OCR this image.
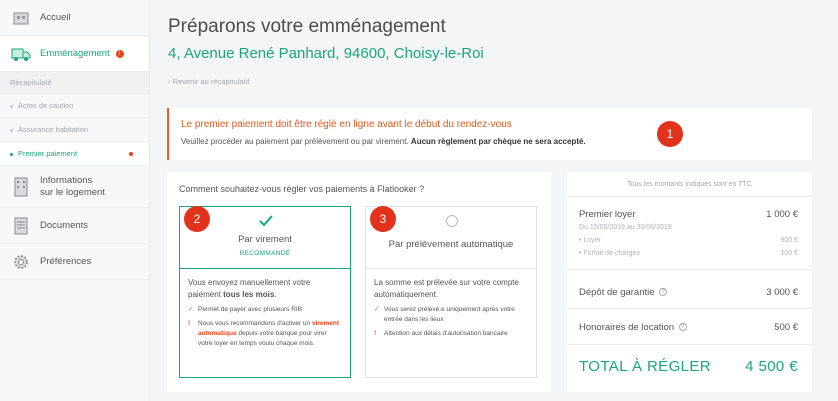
Accueil
Emménagement	!
Récapitulatif
Actes de caution
Assurance habitation
Premier paiement
Informations
sur le logement
Documents
Préférences
Préparons votre emménagement
4, Avenue René Panhard, 94600, Choisy-le-Roi
‹ Revenir au récapitulatif
Le premier paiement doit être réglé en ligne avant le début du rendez-vous
Veuillez procéder au paiement par prélèvement ou par virement. Aucun règlement par chèque ne sera accepté.
1
Comment souhaitez-vous régler vos paiements à Flatlooker ?
Par virement
RECOMMANDÉ
Vous envoyez manuellement votre paiement tous les mois.
✓ Permet de payer avec plusieurs RIB
!	Nous vous recommandons d'activer un virement automatique depuis votre banque pour virer votre loyer en temps voulu chaque mois.
2
Par prélèvement automatique
La somme est prélevée sur votre compte automatiquement.
✓ Vous serez prélevé.e uniquement après votre entrée dans les lieux
!	Attention aux délais d'autorisation bancaire
3
Tous les montants indiqués sont en TTC
Premier loyer	1 000 €
Du 15/05/2019 au 30/06/2019
• Loyer	900 €
• Forfait de charges	100 €
Dépôt de garantie ?	3 000 €
Honoraires de location ?	500 €
TOTAL À RÉGLER 4 500 €
